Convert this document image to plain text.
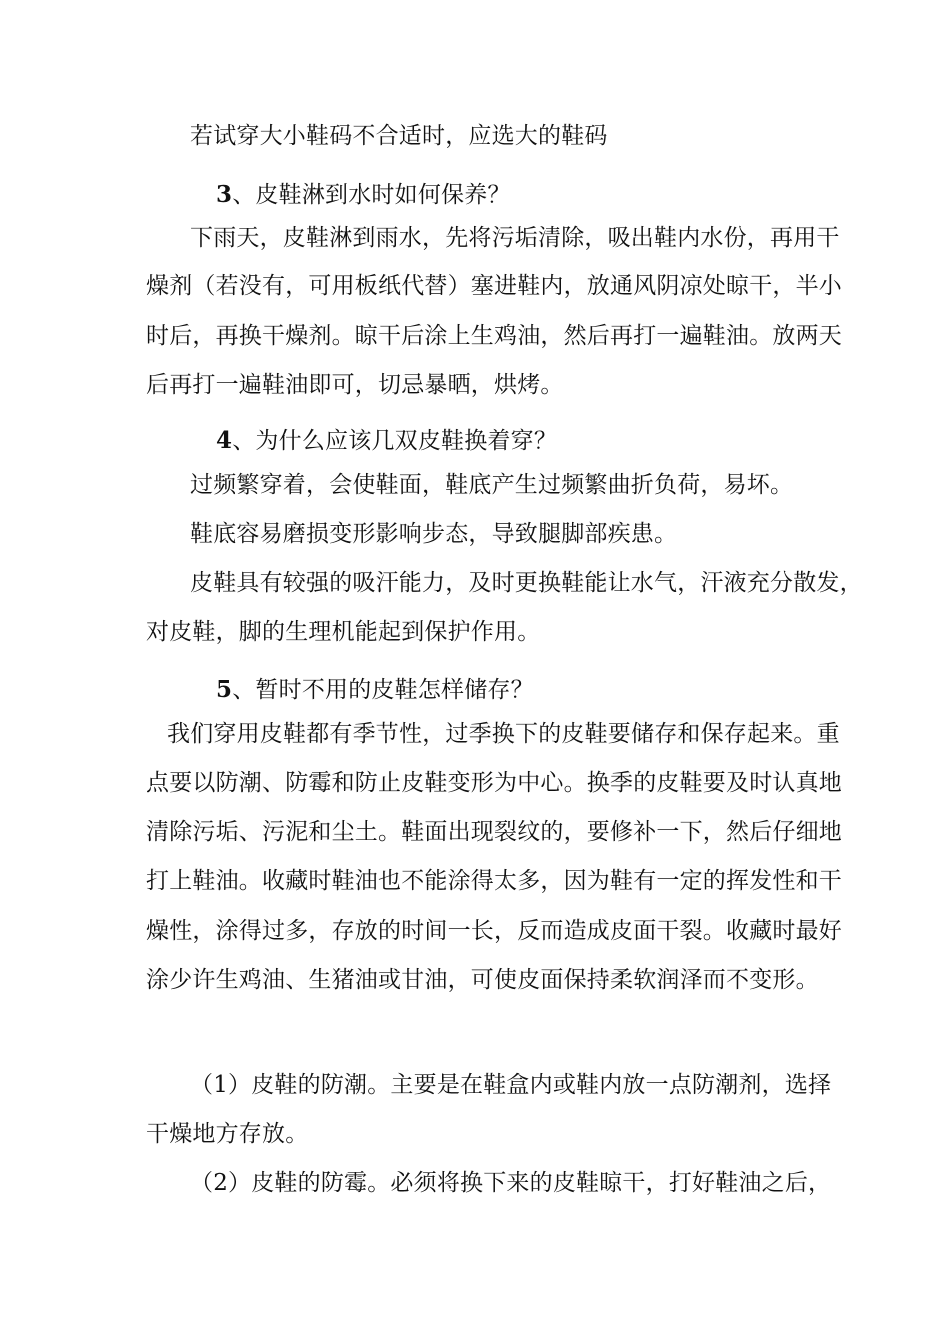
若试穿大小鞋码不合适时，应选大的鞋码
3、皮鞋淋到水时如何保养？
下雨天，皮鞋淋到雨水，先将污垢清除，吸出鞋内水份，再用干
燥剂（若没有，可用板纸代替）塞进鞋内，放通风阴凉处晾干，半小
时后，再换干燥剂。晾干后涂上生鸡油，然后再打一遍鞋油。放两天
后再打一遍鞋油即可，切忌暴晒，烘烤。
4、为什么应该几双皮鞋换着穿？
过频繁穿着，会使鞋面，鞋底产生过频繁曲折负荷，易坏。
鞋底容易磨损变形影响步态，导致腿脚部疾患。
皮鞋具有较强的吸汗能力，及时更换鞋能让水气，汗液充分散发，
对皮鞋，脚的生理机能起到保护作用。
5、暂时不用的皮鞋怎样储存？
我们穿用皮鞋都有季节性，过季换下的皮鞋要储存和保存起来。重
点要以防潮、防霉和防止皮鞋变形为中心。换季的皮鞋要及时认真地
清除污垢、污泥和尘土。鞋面出现裂纹的，要修补一下，然后仔细地
打上鞋油。收藏时鞋油也不能涂得太多，因为鞋有一定的挥发性和干
燥性，涂得过多，存放的时间一长，反而造成皮面干裂。收藏时最好
涂少许生鸡油、生猪油或甘油，可使皮面保持柔软润泽而不变形。
（1）皮鞋的防潮。主要是在鞋盒内或鞋内放一点防潮剂，选择
干燥地方存放。
（2）皮鞋的防霉。必须将换下来的皮鞋晾干，打好鞋油之后，
